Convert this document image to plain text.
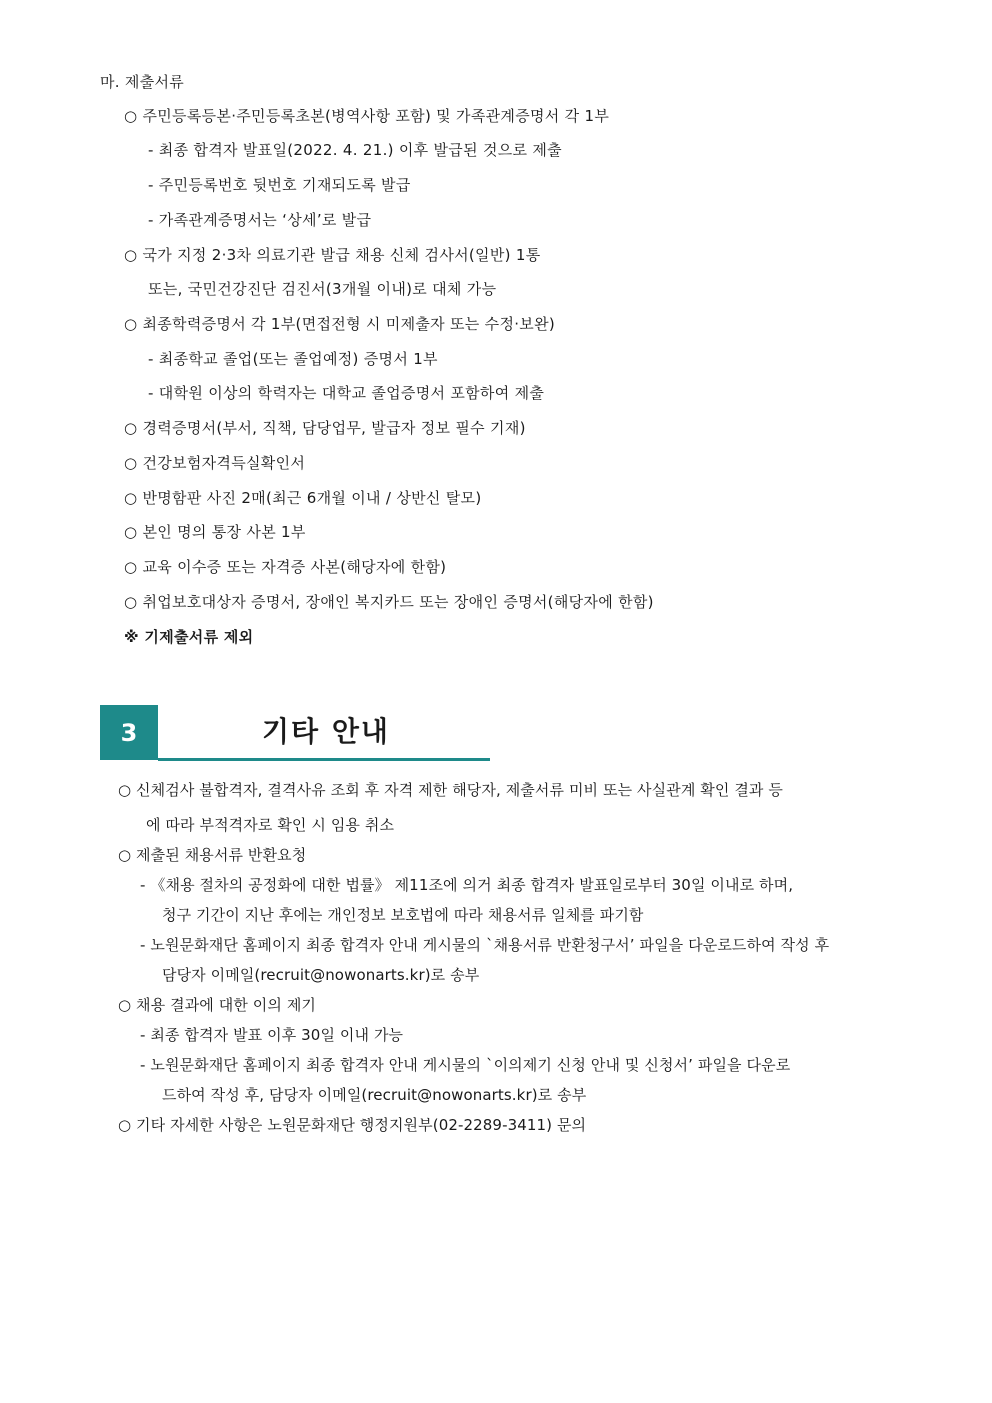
마. 제출서류
○ 주민등록등본·주민등록초본(병역사항 포함) 및 가족관계증명서 각 1부
- 최종 합격자 발표일(2022. 4. 21.) 이후 발급된 것으로 제출
- 주민등록번호 뒷번호 기재되도록 발급
- 가족관계증명서는 ‘상세’로 발급
○ 국가 지정 2·3차 의료기관 발급 채용 신체 검사서(일반) 1통
또는, 국민건강진단 검진서(3개월 이내)로 대체 가능
○ 최종학력증명서 각 1부(면접전형 시 미제출자 또는 수정·보완)
- 최종학교 졸업(또는 졸업예정) 증명서 1부
- 대학원 이상의 학력자는 대학교 졸업증명서 포함하여 제출
○ 경력증명서(부서, 직책, 담당업무, 발급자 정보 필수 기재)
○ 건강보험자격득실확인서
○ 반명함판 사진 2매(최근 6개월 이내 / 상반신 탈모)
○ 본인 명의 통장 사본 1부
○ 교육 이수증 또는 자격증 사본(해당자에 한함)
○ 취업보호대상자 증명서, 장애인 복지카드 또는 장애인 증명서(해당자에 한함)
※ 기제출서류 제외
3	기타 안내
○ 신체검사 불합격자, 결격사유 조회 후 자격 제한 해당자, 제출서류 미비 또는 사실관계 확인 결과 등
에 따라 부적격자로 확인 시 임용 취소
○ 제출된 채용서류 반환요청
- 《채용 절차의 공정화에 대한 법률》 제11조에 의거 최종 합격자 발표일로부터 30일 이내로 하며,
청구 기간이 지난 후에는 개인정보 보호법에 따라 채용서류 일체를 파기함
- 노원문화재단 홈페이지 최종 합격자 안내 게시물의 `채용서류 반환청구서’ 파일을 다운로드하여 작성 후
담당자 이메일(recruit@nowonarts.kr)로 송부
○ 채용 결과에 대한 이의 제기
- 최종 합격자 발표 이후 30일 이내 가능
- 노원문화재단 홈페이지 최종 합격자 안내 게시물의 `이의제기 신청 안내 및 신청서’ 파일을 다운로
드하여 작성 후, 담당자 이메일(recruit@nowonarts.kr)로 송부
○ 기타 자세한 사항은 노원문화재단 행정지원부(02-2289-3411) 문의
